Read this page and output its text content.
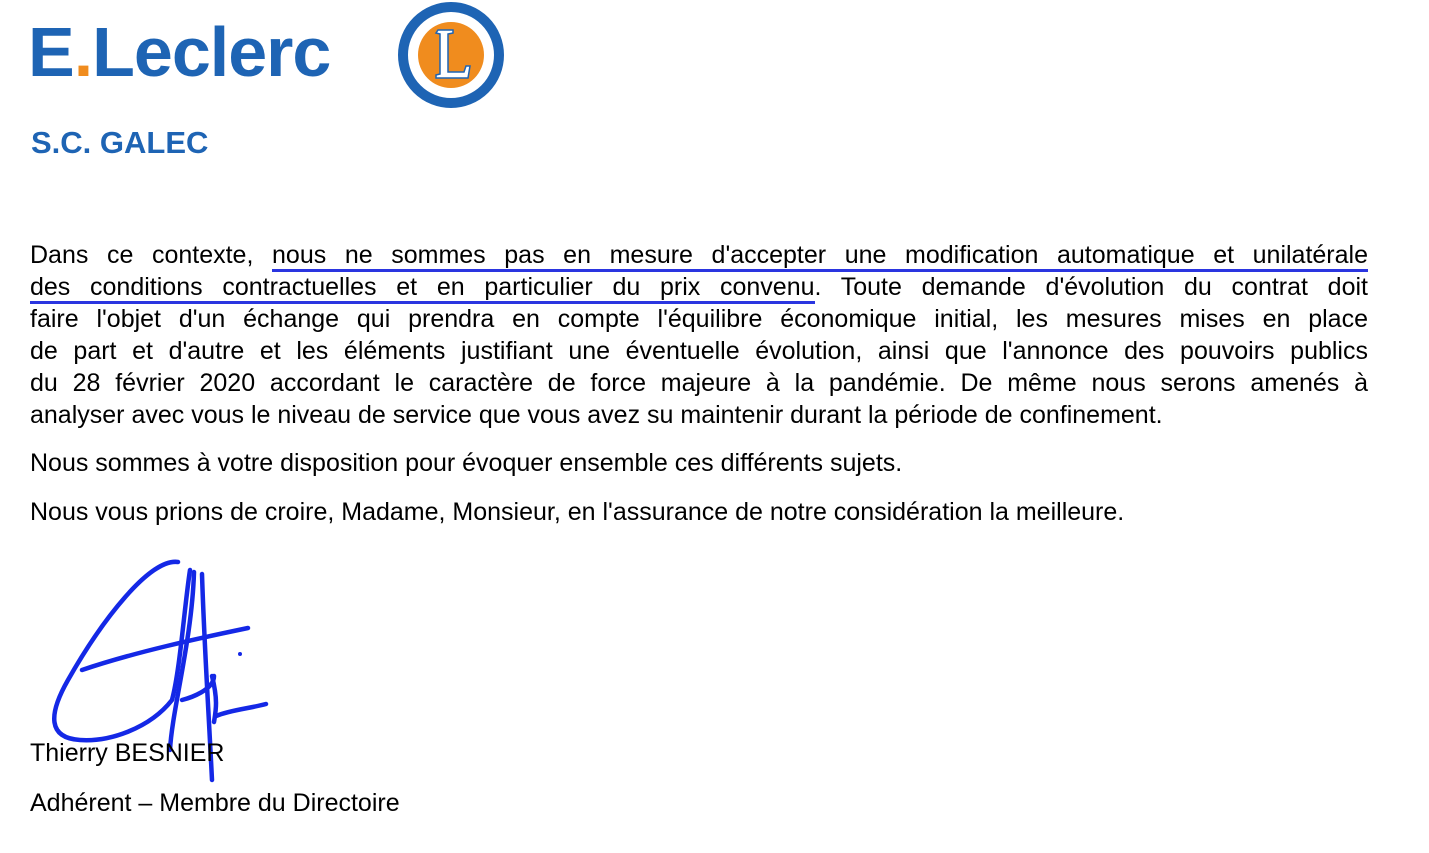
E.Leclerc
S.C. GALEC
Dans ce contexte, nous ne sommes pas en mesure d'accepter une modification automatique et unilatérale
des conditions contractuelles et en particulier du prix convenu. Toute demande d'évolution du contrat doit
faire l'objet d'un échange qui prendra en compte l'équilibre économique initial, les mesures mises en place
de part et d'autre et les éléments justifiant une éventuelle évolution, ainsi que l'annonce des pouvoirs publics
du 28 février 2020 accordant le caractère de force majeure à la pandémie. De même nous serons amenés à
analyser avec vous le niveau de service que vous avez su maintenir durant la période de confinement.
Nous sommes à votre disposition pour évoquer ensemble ces différents sujets.
Nous vous prions de croire, Madame, Monsieur, en l'assurance de notre considération la meilleure.
Thierry BESNIER
Adhérent – Membre du Directoire
